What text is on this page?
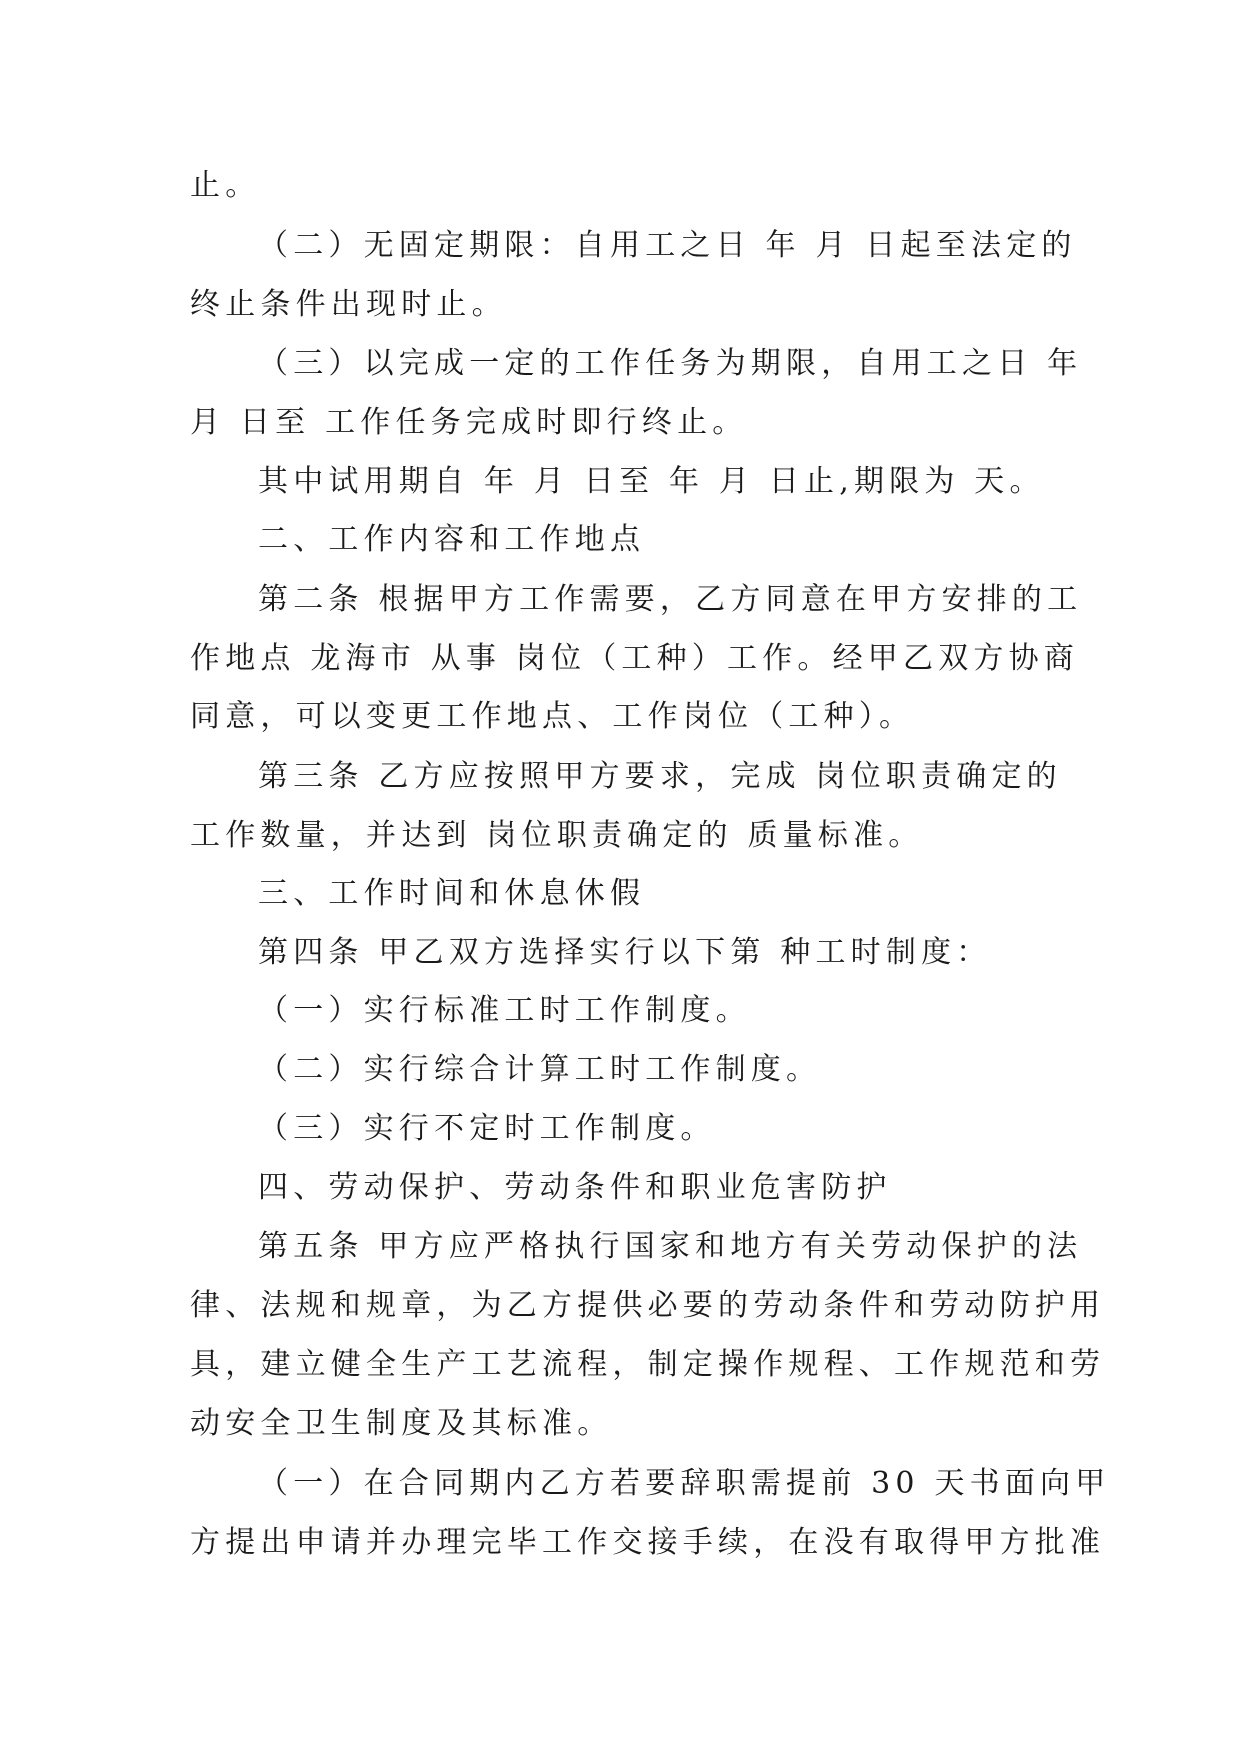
止。
（二）无固定期限：自用工之日 年 月 日起至法定的
终止条件出现时止。
（三）以完成一定的工作任务为期限，自用工之日 年
月 日至 工作任务完成时即行终止。
其中试用期自 年 月 日至 年 月 日止,期限为 天。
二、工作内容和工作地点
第二条 根据甲方工作需要，乙方同意在甲方安排的工
作地点 龙海市 从事 岗位（工种）工作。经甲乙双方协商
同意，可以变更工作地点、工作岗位（工种）。
第三条 乙方应按照甲方要求，完成 岗位职责确定的
工作数量，并达到 岗位职责确定的 质量标准。
三、工作时间和休息休假
第四条 甲乙双方选择实行以下第 种工时制度：
（一）实行标准工时工作制度。
（二）实行综合计算工时工作制度。
（三）实行不定时工作制度。
四、劳动保护、劳动条件和职业危害防护
第五条 甲方应严格执行国家和地方有关劳动保护的法
律、法规和规章，为乙方提供必要的劳动条件和劳动防护用
具，建立健全生产工艺流程，制定操作规程、工作规范和劳
动安全卫生制度及其标准。
（一）在合同期内乙方若要辞职需提前 30 天书面向甲
方提出申请并办理完毕工作交接手续，在没有取得甲方批准
